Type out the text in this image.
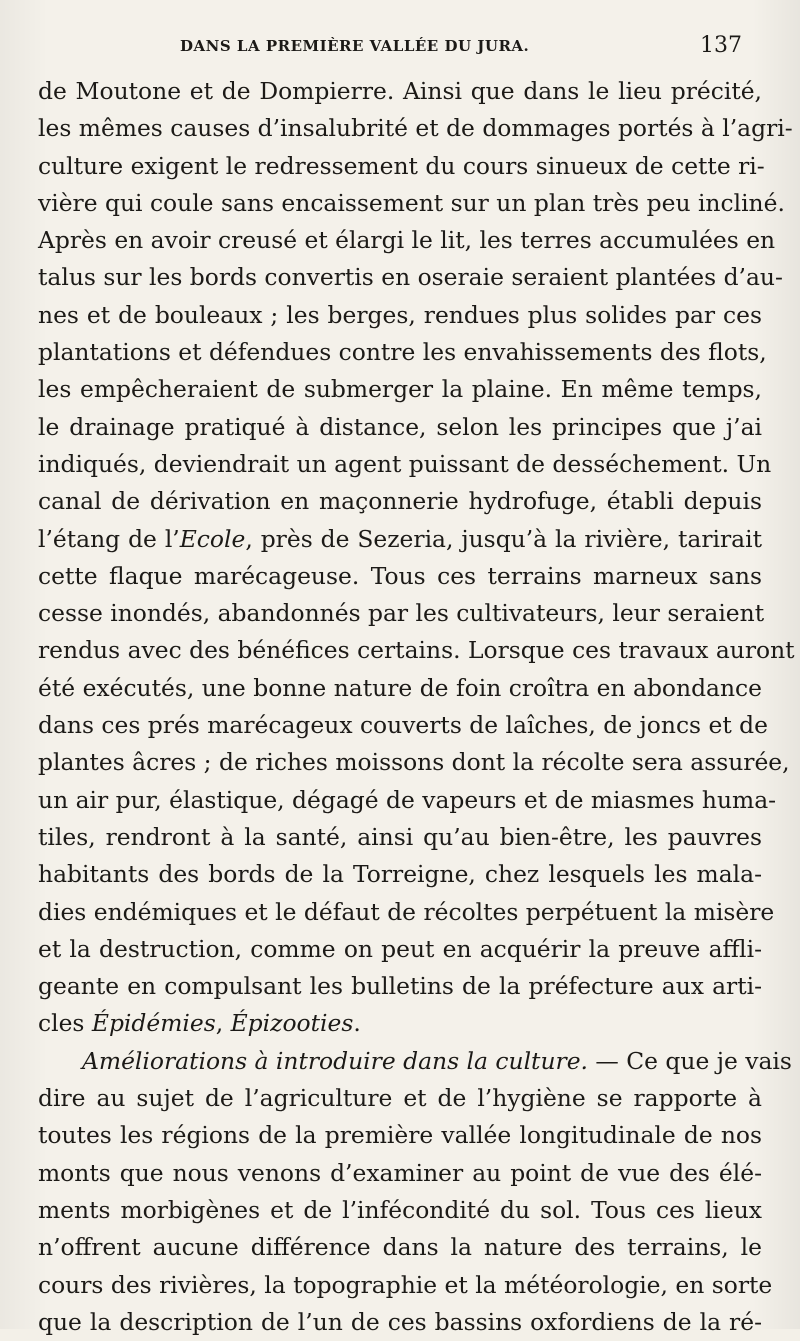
DANS LA PREMIÈRE VALLÉE DU JURA.	137
de Moutone et de Dompierre. Ainsi que dans le lieu précité,
les mêmes causes d’insalubrité et de dommages portés à l’agri-
culture exigent le redressement du cours sinueux de cette ri-
vière qui coule sans encaissement sur un plan très peu incliné.
Après en avoir creusé et élargi le lit, les terres accumulées en
talus sur les bords convertis en oseraie seraient plantées d’au-
nes et de bouleaux ; les berges, rendues plus solides par ces
plantations et défendues contre les envahissements des flots,
les empêcheraient de submerger la plaine. En même temps,
le drainage pratiqué à distance, selon les principes que j’ai
indiqués, deviendrait un agent puissant de desséchement. Un
canal de dérivation en maçonnerie hydrofuge, établi depuis
l’étang de l’Ecole, près de Sezeria, jusqu’à la rivière, tarirait
cette flaque marécageuse. Tous ces terrains marneux sans
cesse inondés, abandonnés par les cultivateurs, leur seraient
rendus avec des bénéfices certains. Lorsque ces travaux auront
été exécutés, une bonne nature de foin croîtra en abondance
dans ces prés marécageux couverts de laîches, de joncs et de
plantes âcres ; de riches moissons dont la récolte sera assurée,
un air pur, élastique, dégagé de vapeurs et de miasmes huma-
tiles, rendront à la santé, ainsi qu’au bien-être, les pauvres
habitants des bords de la Torreigne, chez lesquels les mala-
dies endémiques et le défaut de récoltes perpétuent la misère
et la destruction, comme on peut en acquérir la preuve affli-
geante en compulsant les bulletins de la préfecture aux arti-
cles Épidémies, Épizooties.
Améliorations à introduire dans la culture. — Ce que je vais
dire au sujet de l’agriculture et de l’hygiène se rapporte à
toutes les régions de la première vallée longitudinale de nos
monts que nous venons d’examiner au point de vue des élé-
ments morbigènes et de l’infécondité du sol. Tous ces lieux
n’offrent aucune différence dans la nature des terrains, le
cours des rivières, la topographie et la météorologie, en sorte
que la description de l’un de ces bassins oxfordiens de la ré-
